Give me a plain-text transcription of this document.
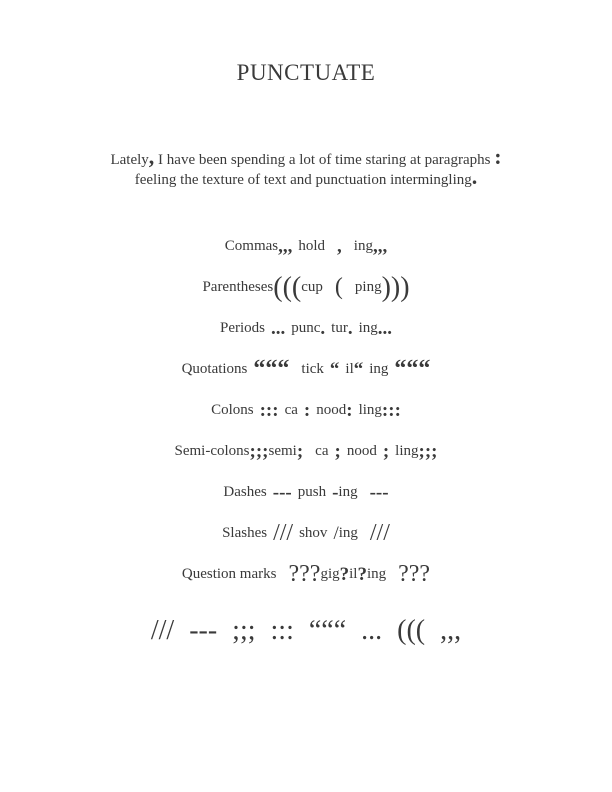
PUNCTUATE
Lately, I have been spending a lot of time staring at paragraphs :
feeling the texture of text and punctuation intermingling.
Commas ,,, hold , ing ,,,
Parentheses ((( cup ( ping )))
Periods ... punc . tur . ing ...
Quotations “““ tick “ il “ ing “““
Colons ::: ca : nood : ling :::
Semi-colons ;;; semi ; ca ; nood ; ling ;;;
Dashes --- push - ing ---
Slashes /// shov / ing ///
Question marks ??? gig ? il ? ing ???
/// --- ;;; ::: “““ ... ((( ,,,
